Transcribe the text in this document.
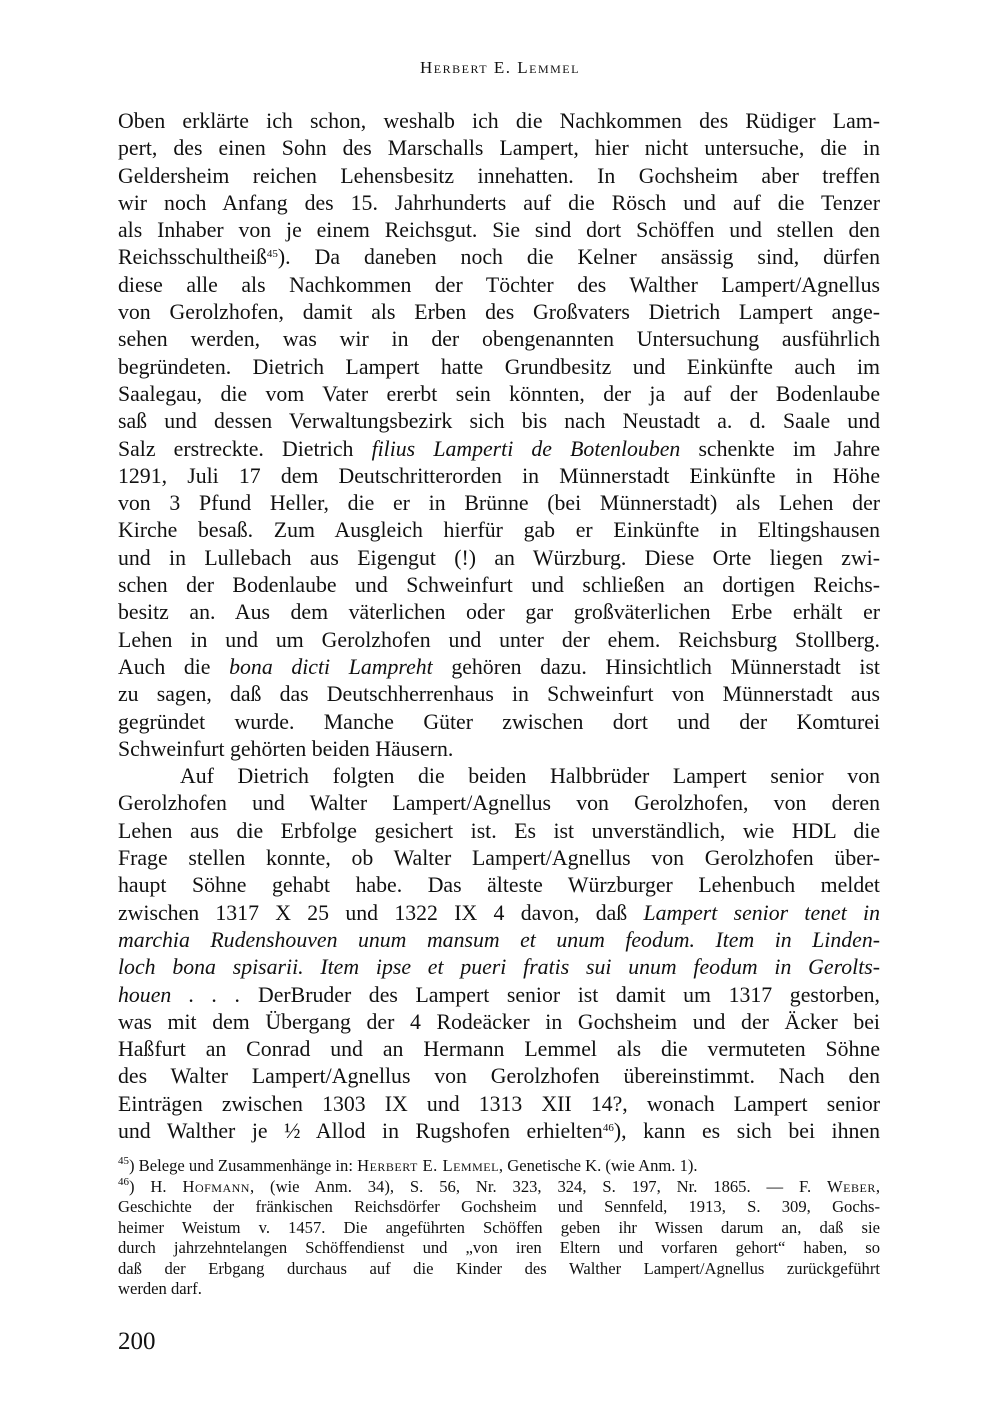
Herbert E. Lemmel
Oben erklärte ich schon, weshalb ich die Nachkommen des Rüdiger Lam-
pert, des einen Sohn des Marschalls Lampert, hier nicht untersuche, die in
Geldersheim reichen Lehensbesitz innehatten. In Gochsheim aber treffen
wir noch Anfang des 15. Jahrhunderts auf die Rösch und auf die Tenzer
als Inhaber von je einem Reichsgut. Sie sind dort Schöffen und stellen den
Reichsschultheiß$^{45}$). Da daneben noch die Kelner ansässig sind, dürfen
diese alle als Nachkommen der Töchter des Walther Lampert/Agnellus
von Gerolzhofen, damit als Erben des Großvaters Dietrich Lampert ange-
sehen werden, was wir in der obengenannten Untersuchung ausführlich
begründeten. Dietrich Lampert hatte Grundbesitz und Einkünfte auch im
Saalegau, die vom Vater ererbt sein könnten, der ja auf der Bodenlaube
saß und dessen Verwaltungsbezirk sich bis nach Neustadt a. d. Saale und
Salz erstreckte. Dietrich filius Lamperti de Botenlouben schenkte im Jahre
1291, Juli 17 dem Deutschritterorden in Münnerstadt Einkünfte in Höhe
von 3 Pfund Heller, die er in Brünne (bei Münnerstadt) als Lehen der
Kirche besaß. Zum Ausgleich hierfür gab er Einkünfte in Eltingshausen
und in Lullebach aus Eigengut (!) an Würzburg. Diese Orte liegen zwi-
schen der Bodenlaube und Schweinfurt und schließen an dortigen Reichs-
besitz an. Aus dem väterlichen oder gar großväterlichen Erbe erhält er
Lehen in und um Gerolzhofen und unter der ehem. Reichsburg Stollberg.
Auch die bona dicti Lampreht gehören dazu. Hinsichtlich Münnerstadt ist
zu sagen, daß das Deutschherrenhaus in Schweinfurt von Münnerstadt aus
gegründet wurde. Manche Güter zwischen dort und der Komturei
Schweinfurt gehörten beiden Häusern.
Auf Dietrich folgten die beiden Halbbrüder Lampert senior von
Gerolzhofen und Walter Lampert/Agnellus von Gerolzhofen, von deren
Lehen aus die Erbfolge gesichert ist. Es ist unverständlich, wie HDL die
Frage stellen konnte, ob Walter Lampert/Agnellus von Gerolzhofen über-
haupt Söhne gehabt habe. Das älteste Würzburger Lehenbuch meldet
zwischen 1317 X 25 und 1322 IX 4 davon, daß Lampert senior tenet in
marchia Rudenshouven unum mansum et unum feodum. Item in Linden-
loch bona spisarii. Item ipse et pueri fratis sui unum feodum in Gerolts-
houen . . . DerBruder des Lampert senior ist damit um 1317 gestorben,
was mit dem Übergang der 4 Rodeäcker in Gochsheim und der Äcker bei
Haßfurt an Conrad und an Hermann Lemmel als die vermuteten Söhne
des Walter Lampert/Agnellus von Gerolzhofen übereinstimmt. Nach den
Einträgen zwischen 1303 IX und 1313 XII 14?, wonach Lampert senior
und Walther je ½ Allod in Rugshofen erhielten$^{46}$), kann es sich bei ihnen
$^{45}$) Belege und Zusammenhänge in: Herbert E. Lemmel, Genetische K. (wie Anm. 1).
$^{46}$) H. Hofmann, (wie Anm. 34), S. 56, Nr. 323, 324, S. 197, Nr. 1865. — F. Weber,
Geschichte der fränkischen Reichsdörfer Gochsheim und Sennfeld, 1913, S. 309, Gochs-
heimer Weistum v. 1457. Die angeführten Schöffen geben ihr Wissen darum an, daß sie
durch jahrzehntelangen Schöffendienst und „von iren Eltern und vorfaren gehort“ haben, so
daß der Erbgang durchaus auf die Kinder des Walther Lampert/Agnellus zurückgeführt
werden darf.
200
